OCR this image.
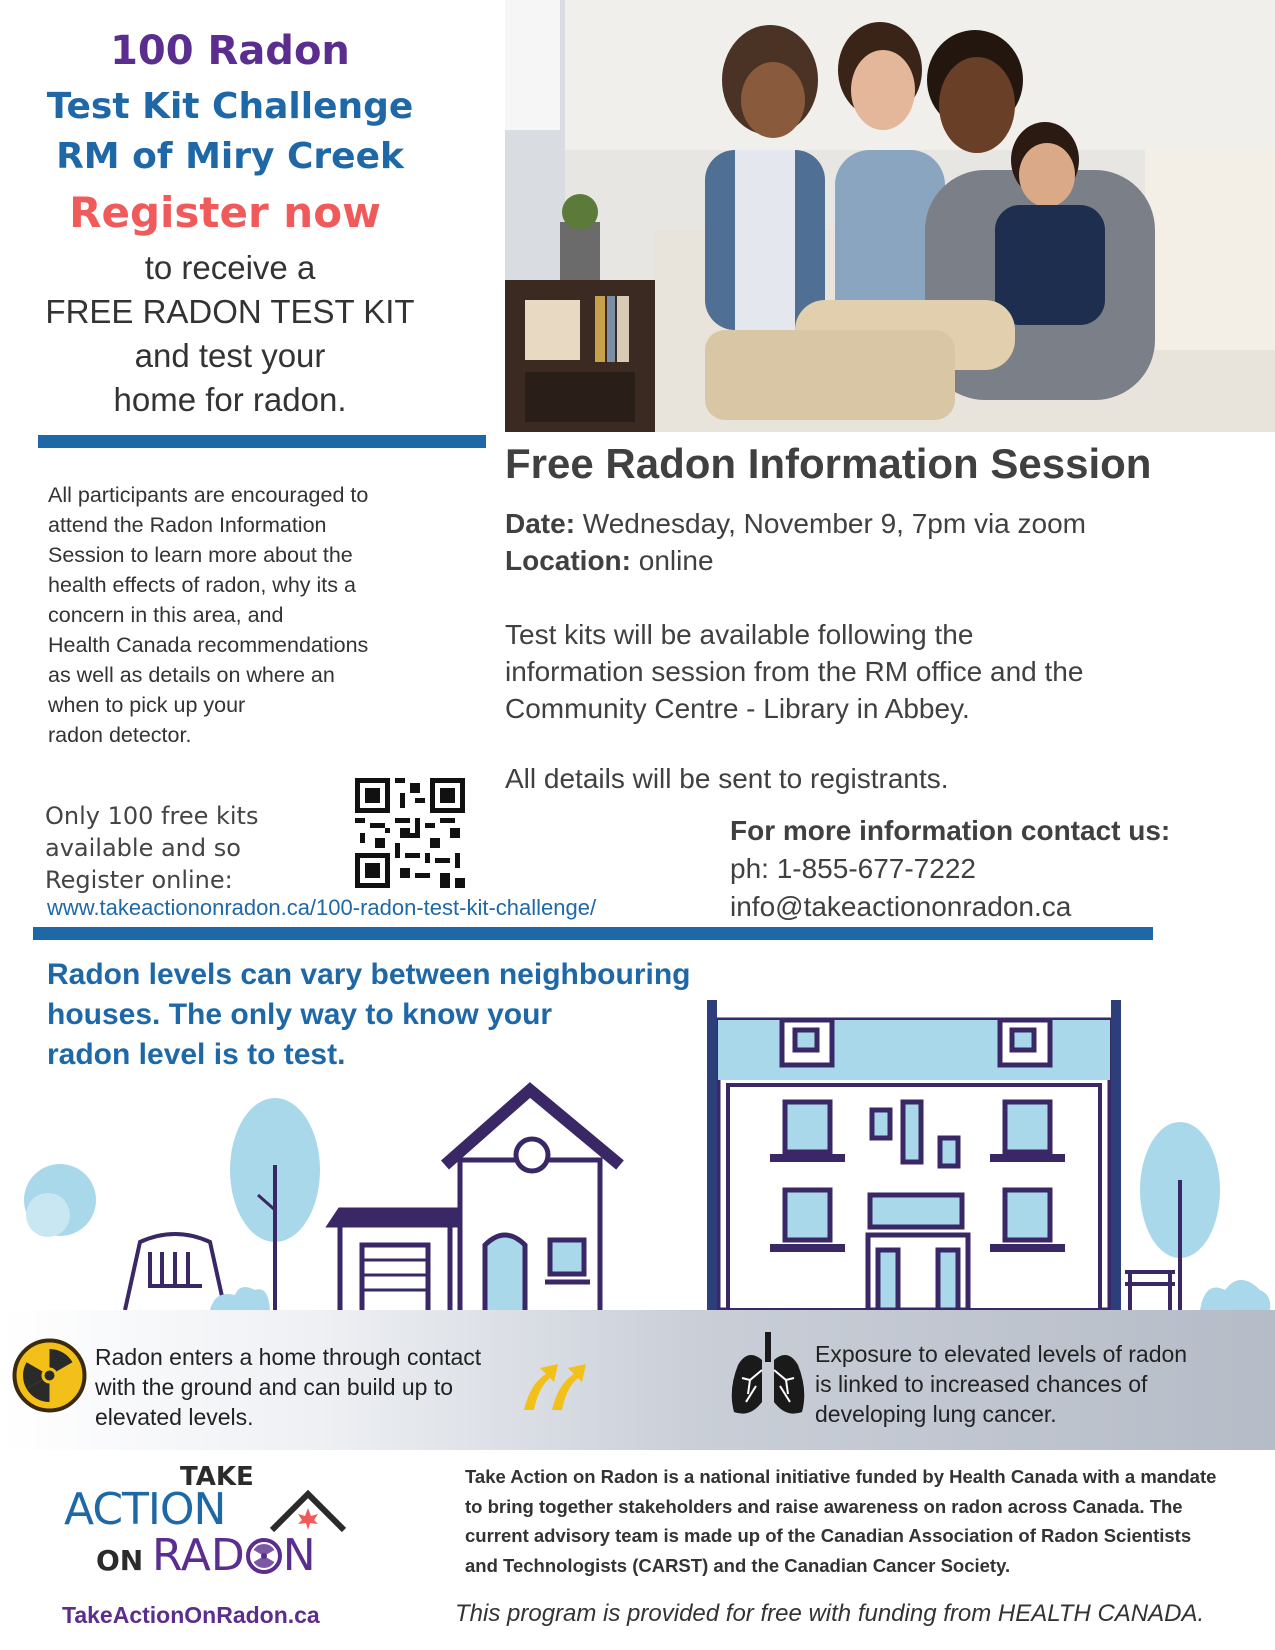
100 Radon
Test Kit Challenge
RM of Miry Creek
Register now
to receive a
FREE RADON TEST KIT
and test your
home for radon.
All participants are encouraged to
attend the Radon Information
Session to learn more about the
health effects of radon, why its a
concern in this area, and
Health Canada recommendations
as well as details on where an
when to pick up your
radon detector.
Free Radon Information Session
Date: Wednesday, November 9, 7pm via zoom
Location: online
Test kits will be available following the
information session from the RM office and the
Community Centre - Library in Abbey.
All details will be sent to registrants.
Only 100 free kits
available and so
Register online:
www.takeactiononradon.ca/100-radon-test-kit-challenge/
For more information contact us:
ph: 1-855-677-7222
info@takeactiononradon.ca
Radon levels can vary between neighbouring
houses. The only way to know your
radon level is to test.
Radon enters a home through contact
with the ground and can build up to
elevated levels.
Exposure to elevated levels of radon
is linked to increased chances of
developing lung cancer.
TAKE
ACTION
ON RAD N
TakeActionOnRadon.ca
Take Action on Radon is a national initiative funded by Health Canada with a mandate
to bring together stakeholders and raise awareness on radon across Canada. The
current advisory team is made up of the Canadian Association of Radon Scientists
and Technologists (CARST) and the Canadian Cancer Society.
This program is provided for free with funding from HEALTH CANADA.
